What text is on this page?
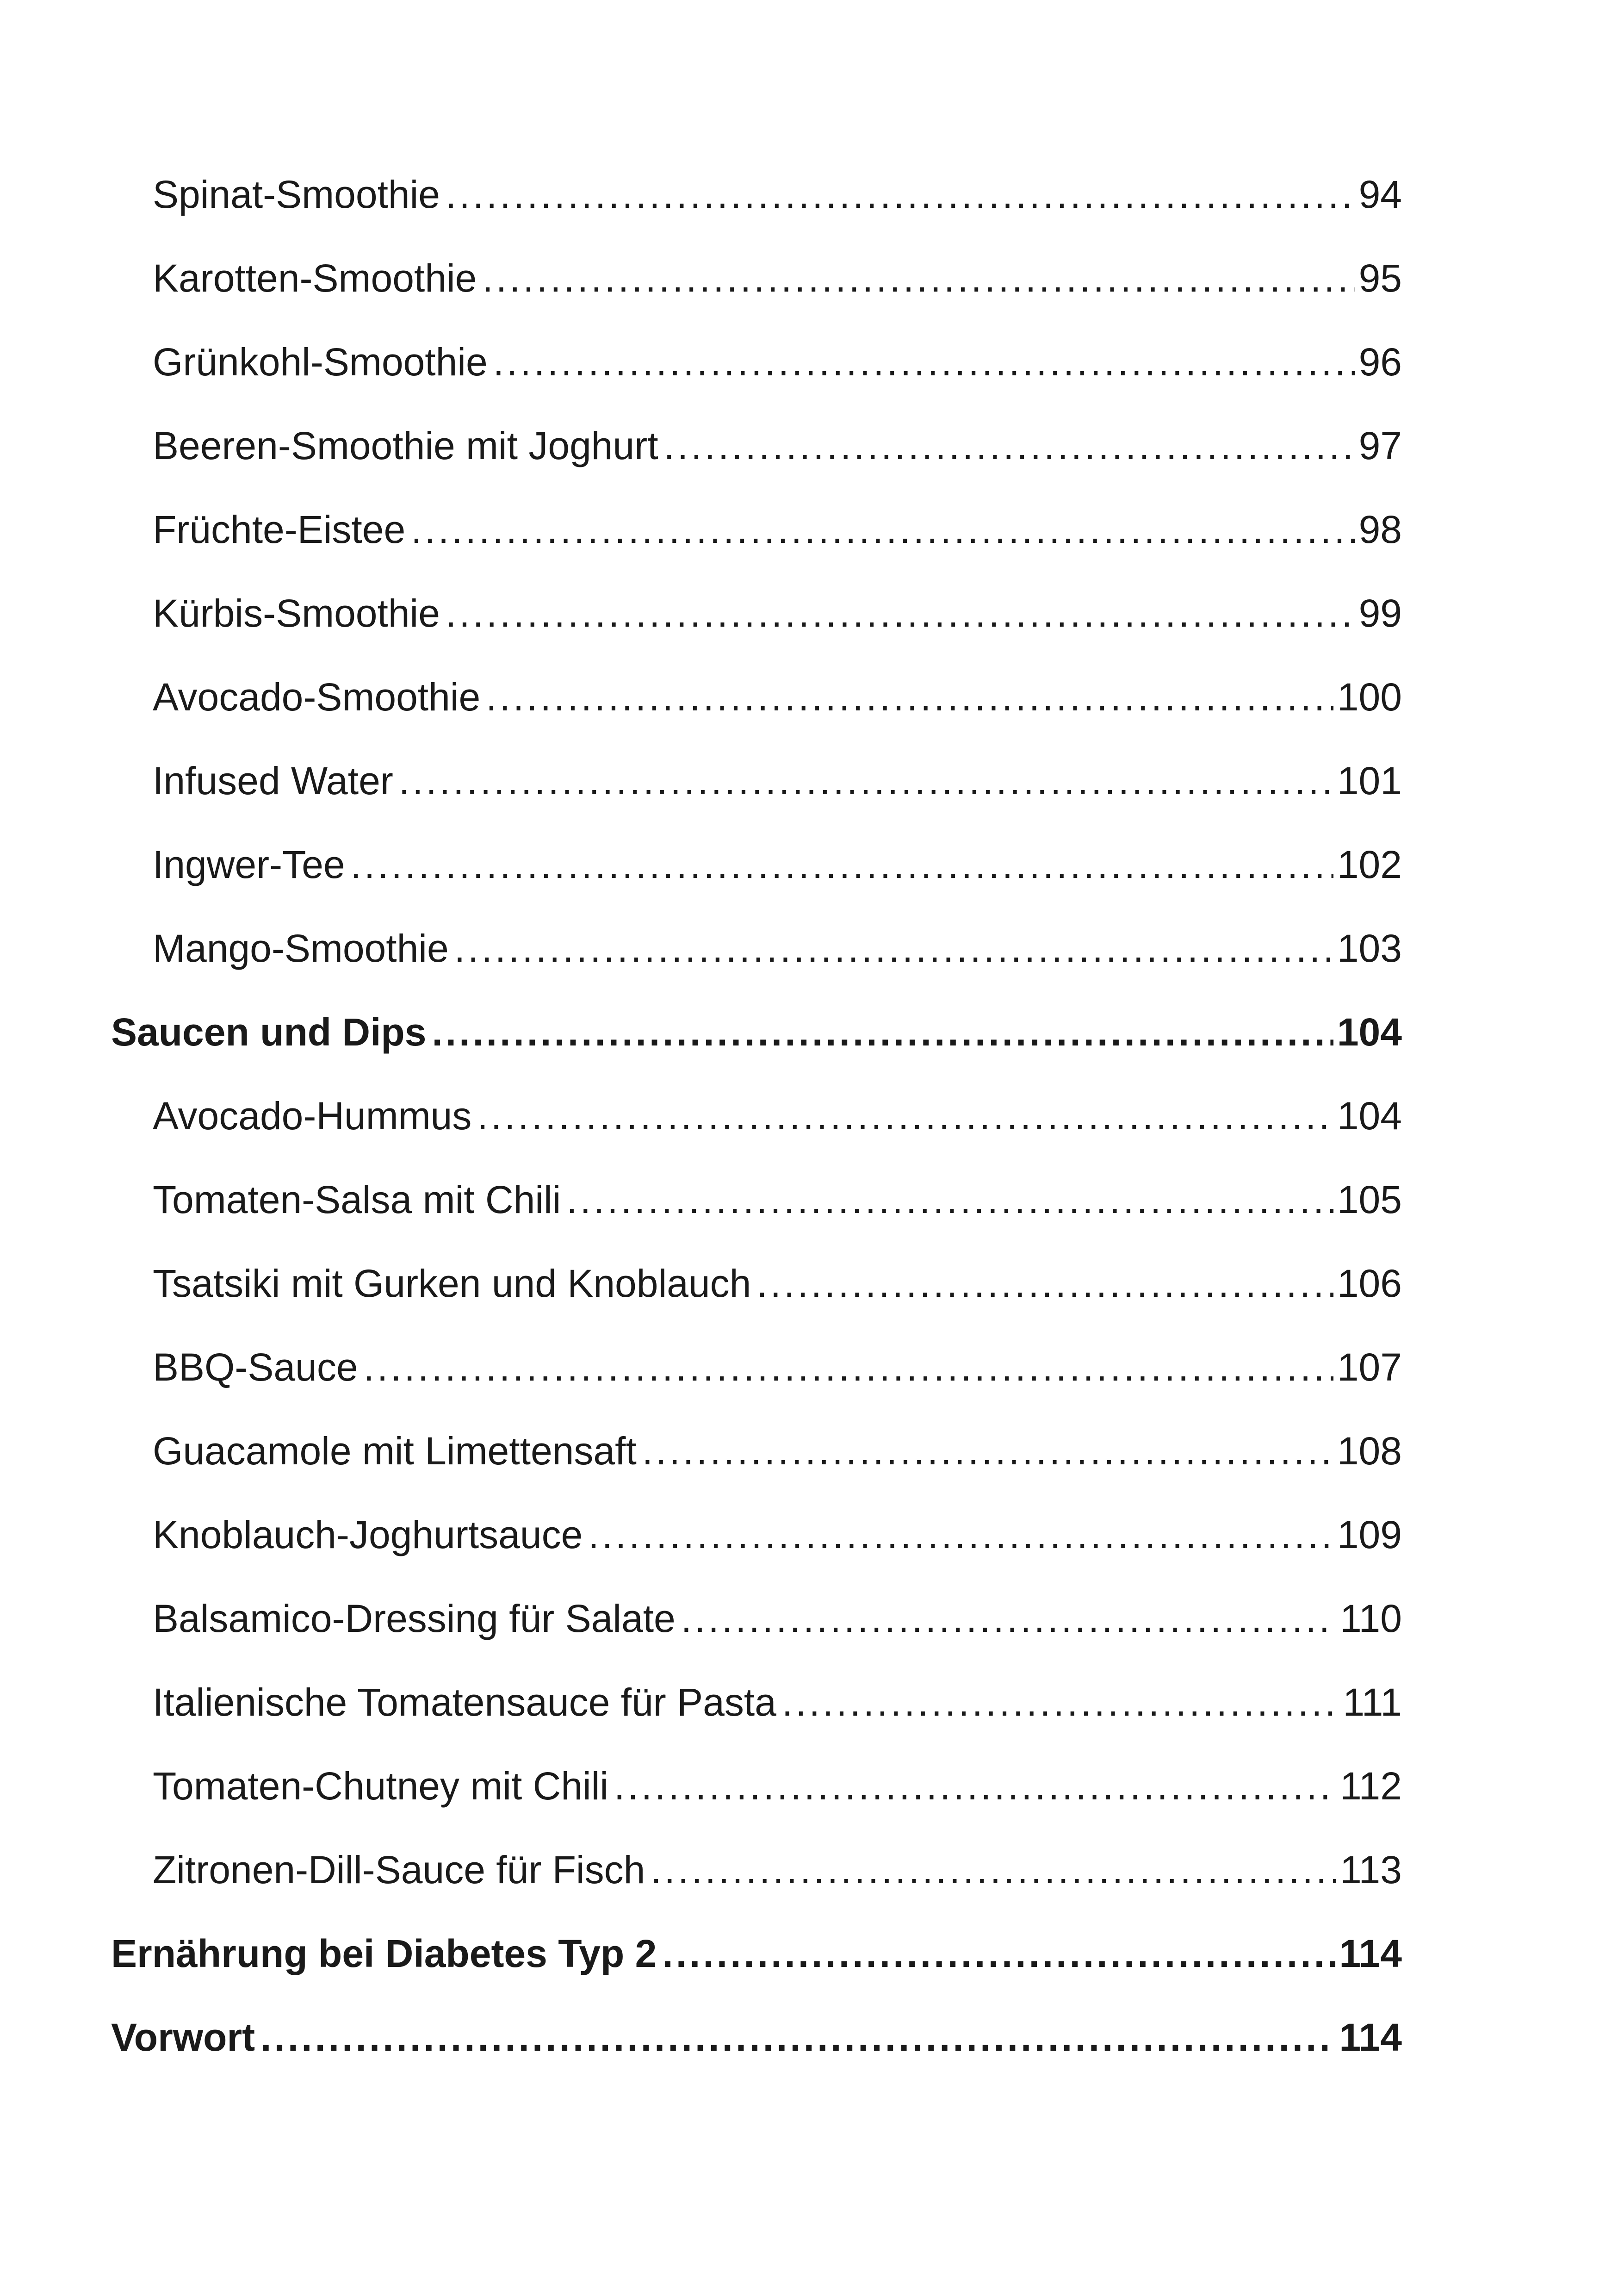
Spinat-Smoothie .....	94
Karotten-Smoothie .....	95
Grünkohl-Smoothie .....	96
Beeren-Smoothie mit Joghurt .....	97
Früchte-Eistee .....	98
Kürbis-Smoothie .....	99
Avocado-Smoothie .....	100
Infused Water .....	101
Ingwer-Tee .....	102
Mango-Smoothie .....	103
Saucen und Dips .....	104
Avocado-Hummus .....	104
Tomaten-Salsa mit Chili .....	105
Tsatsiki mit Gurken und Knoblauch .....	106
BBQ-Sauce .....	107
Guacamole mit Limettensaft .....	108
Knoblauch-Joghurtsauce .....	109
Balsamico-Dressing für Salate .....	110
Italienische Tomatensauce für Pasta .....	111
Tomaten-Chutney mit Chili .....	112
Zitronen-Dill-Sauce für Fisch .....	113
Ernährung bei Diabetes Typ 2 .....	114
Vorwort .....	114
